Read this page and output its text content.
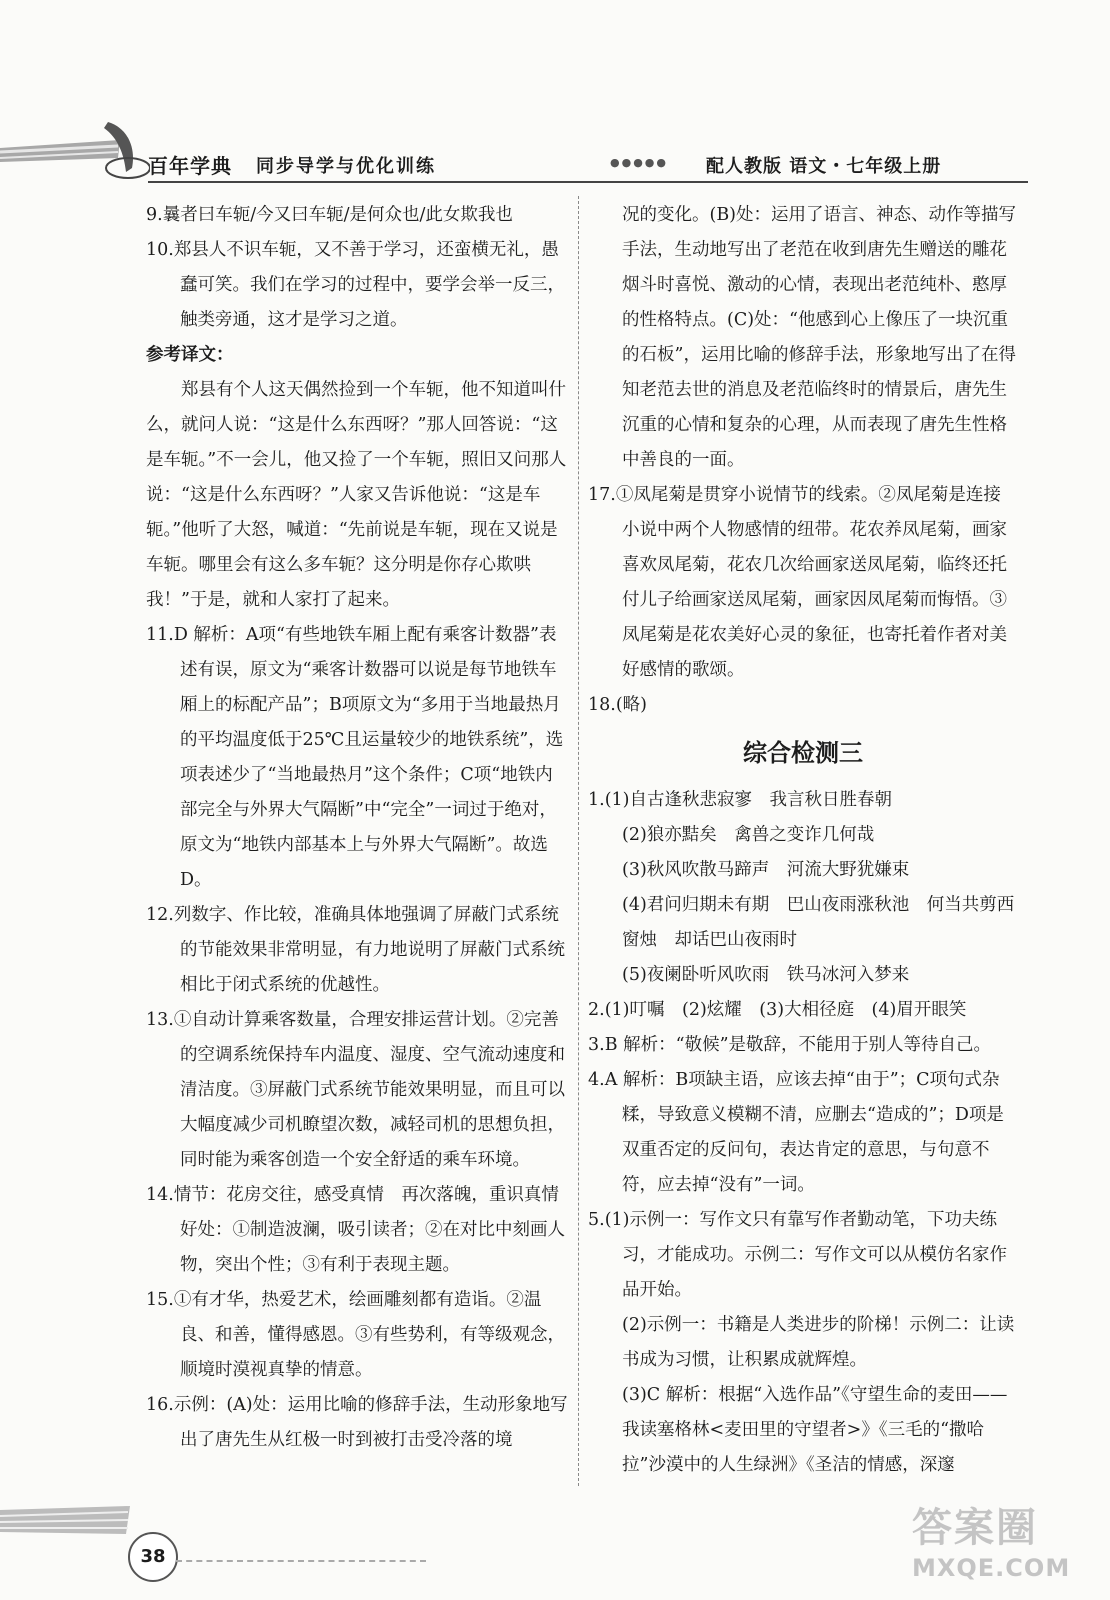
百年学典 同步导学与优化训练	●●●●● 配人教版 语文・七年级上册

9.曩者曰车轭/今又曰车轭/是何众也/此女欺我也

10.郑县人不识车轭，又不善于学习，还蛮横无礼，愚蠢可笑。我们在学习的过程中，要学会举一反三，触类旁通，这才是学习之道。

参考译文：

郑县有个人这天偶然捡到一个车轭，他不知道叫什么，就问人说：“这是什么东西呀？”那人回答说：“这是车轭。”不一会儿，他又捡了一个车轭，照旧又问那人说：“这是什么东西呀？”人家又告诉他说：“这是车轭。”他听了大怒，喊道：“先前说是车轭，现在又说是车轭。哪里会有这么多车轭？这分明是你存心欺哄我！”于是，就和人家打了起来。

11.D 解析：A项“有些地铁车厢上配有乘客计数器”表述有误，原文为“乘客计数器可以说是每节地铁车厢上的标配产品”；B项原文为“多用于当地最热月的平均温度低于25℃且运量较少的地铁系统”，选项表述少了“当地最热月”这个条件；C项“地铁内部完全与外界大气隔断”中“完全”一词过于绝对，原文为“地铁内部基本上与外界大气隔断”。故选D。

12.列数字、作比较，准确具体地强调了屏蔽门式系统的节能效果非常明显，有力地说明了屏蔽门式系统相比于闭式系统的优越性。

13.①自动计算乘客数量，合理安排运营计划。②完善的空调系统保持车内温度、湿度、空气流动速度和清洁度。③屏蔽门式系统节能效果明显，而且可以大幅度减少司机瞭望次数，减轻司机的思想负担，同时能为乘客创造一个安全舒适的乘车环境。

14.情节：花房交往，感受真情　再次落魄，重识真情　好处：①制造波澜，吸引读者；②在对比中刻画人物，突出个性；③有利于表现主题。

15.①有才华，热爱艺术，绘画雕刻都有造诣。②温良、和善，懂得感恩。③有些势利，有等级观念，顺境时漠视真挚的情意。

16.示例：(A)处：运用比喻的修辞手法，生动形象地写出了唐先生从红极一时到被打击受冷落的境

况的变化。(B)处：运用了语言、神态、动作等描写手法，生动地写出了老范在收到唐先生赠送的雕花烟斗时喜悦、激动的心情，表现出老范纯朴、憨厚的性格特点。(C)处：“他感到心上像压了一块沉重的石板”，运用比喻的修辞手法，形象地写出了在得知老范去世的消息及老范临终时的情景后，唐先生沉重的心情和复杂的心理，从而表现了唐先生性格中善良的一面。

17.①凤尾菊是贯穿小说情节的线索。②凤尾菊是连接小说中两个人物感情的纽带。花农养凤尾菊，画家喜欢凤尾菊，花农几次给画家送凤尾菊，临终还托付儿子给画家送凤尾菊，画家因凤尾菊而悔悟。③凤尾菊是花农美好心灵的象征，也寄托着作者对美好感情的歌颂。

18.(略)

综合检测三

1.(1)自古逢秋悲寂寥　我言秋日胜春朝

(2)狼亦黠矣　禽兽之变诈几何哉

(3)秋风吹散马蹄声　河流大野犹嫌束

(4)君问归期未有期　巴山夜雨涨秋池　何当共剪西窗烛　却话巴山夜雨时

(5)夜阑卧听风吹雨　铁马冰河入梦来

2.(1)叮嘱　(2)炫耀　(3)大相径庭　(4)眉开眼笑

3.B 解析：“敬候”是敬辞，不能用于别人等待自己。

4.A 解析：B项缺主语，应该去掉“由于”；C项句式杂糅，导致意义模糊不清，应删去“造成的”；D项是双重否定的反问句，表达肯定的意思，与句意不符，应去掉“没有”一词。

5.(1)示例一：写作文只有靠写作者勤动笔，下功夫练习，才能成功。示例二：写作文可以从模仿名家作品开始。

(2)示例一：书籍是人类进步的阶梯！示例二：让读书成为习惯，让积累成就辉煌。

(3)C 解析：根据“入选作品”《守望生命的麦田——我读塞格林<麦田里的守望者>》《三毛的“撒哈拉”沙漠中的人生绿洲》《圣洁的情感，深邃

38
答案圈
MXQE.COM
